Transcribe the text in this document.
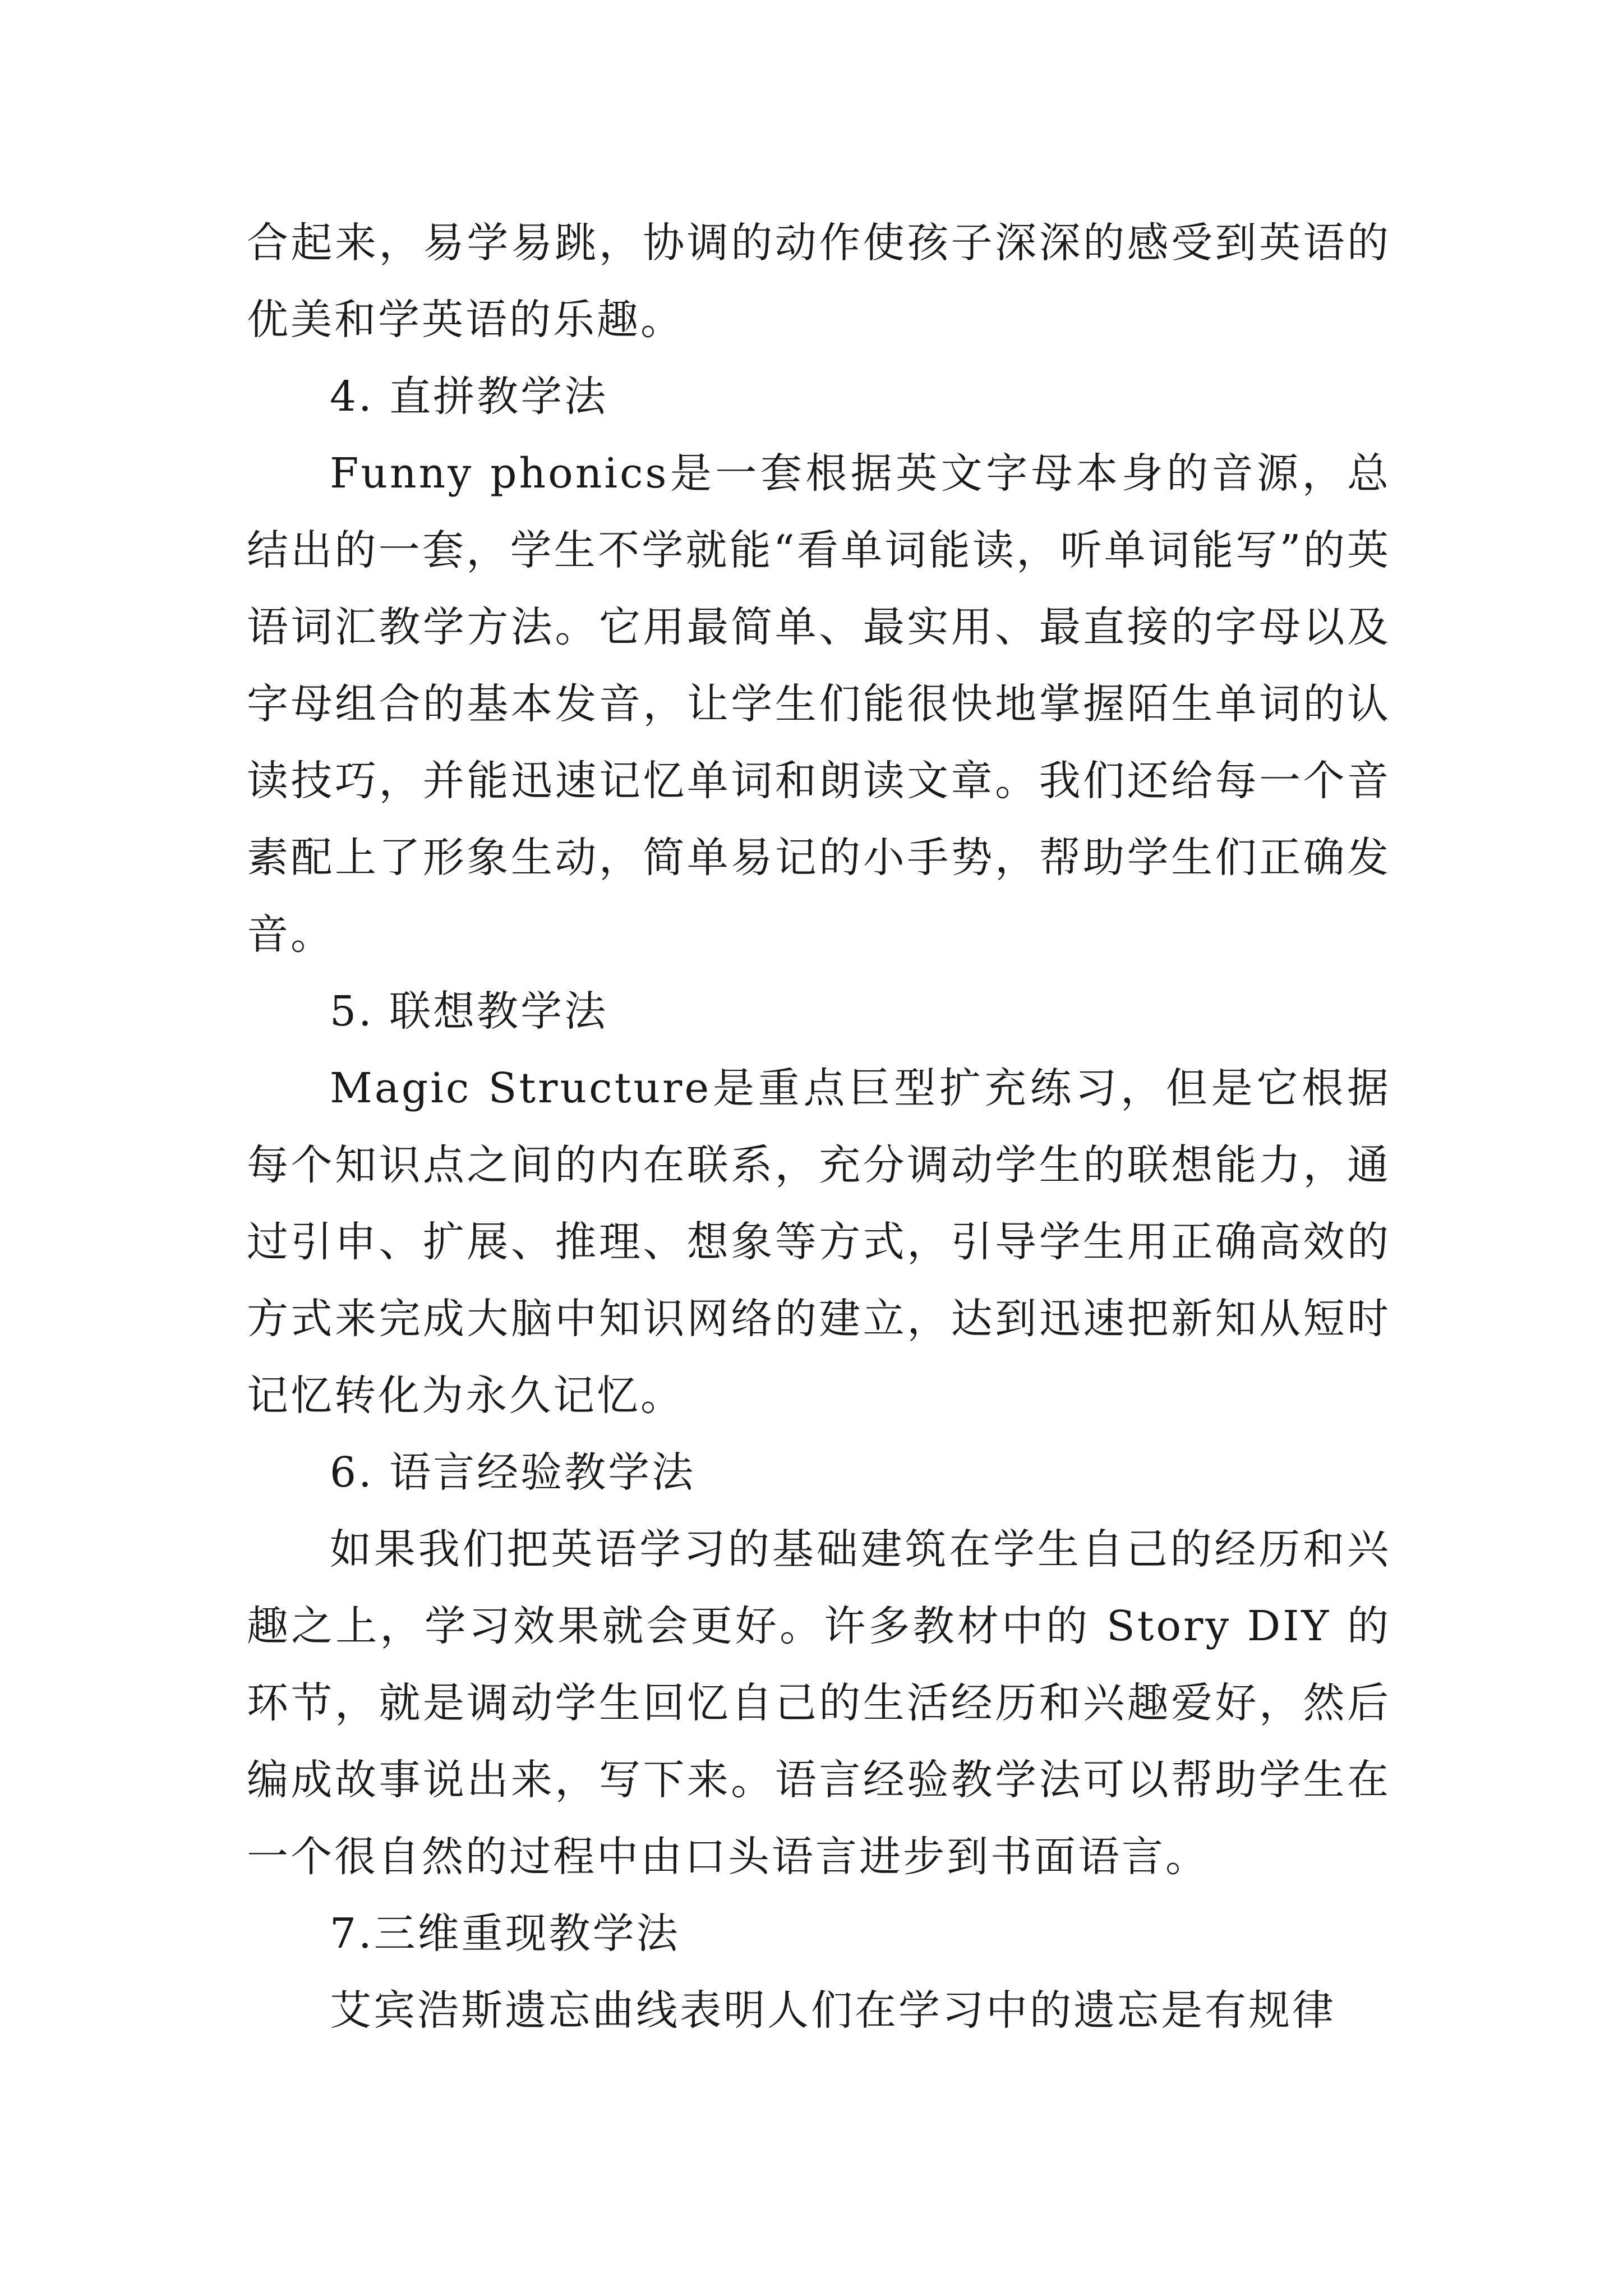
合起来，易学易跳，协调的动作使孩子深深的感受到英语的优美和学英语的乐趣。

4. 直拼教学法

Funny phonics是一套根据英文字母本身的音源，总结出的一套，学生不学就能“看单词能读，听单词能写”的英语词汇教学方法。它用最简单、最实用、最直接的字母以及字母组合的基本发音，让学生们能很快地掌握陌生单词的认读技巧，并能迅速记忆单词和朗读文章。我们还给每一个音素配上了形象生动，简单易记的小手势，帮助学生们正确发音。

5. 联想教学法

Magic Structure是重点巨型扩充练习，但是它根据每个知识点之间的内在联系，充分调动学生的联想能力，通过引申、扩展、推理、想象等方式，引导学生用正确高效的方式来完成大脑中知识网络的建立，达到迅速把新知从短时记忆转化为永久记忆。

6. 语言经验教学法

如果我们把英语学习的基础建筑在学生自己的经历和兴趣之上，学习效果就会更好。许多教材中的 Story DIY 的环节，就是调动学生回忆自己的生活经历和兴趣爱好，然后编成故事说出来，写下来。语言经验教学法可以帮助学生在一个很自然的过程中由口头语言进步到书面语言。

7.三维重现教学法

艾宾浩斯遗忘曲线表明人们在学习中的遗忘是有规律
